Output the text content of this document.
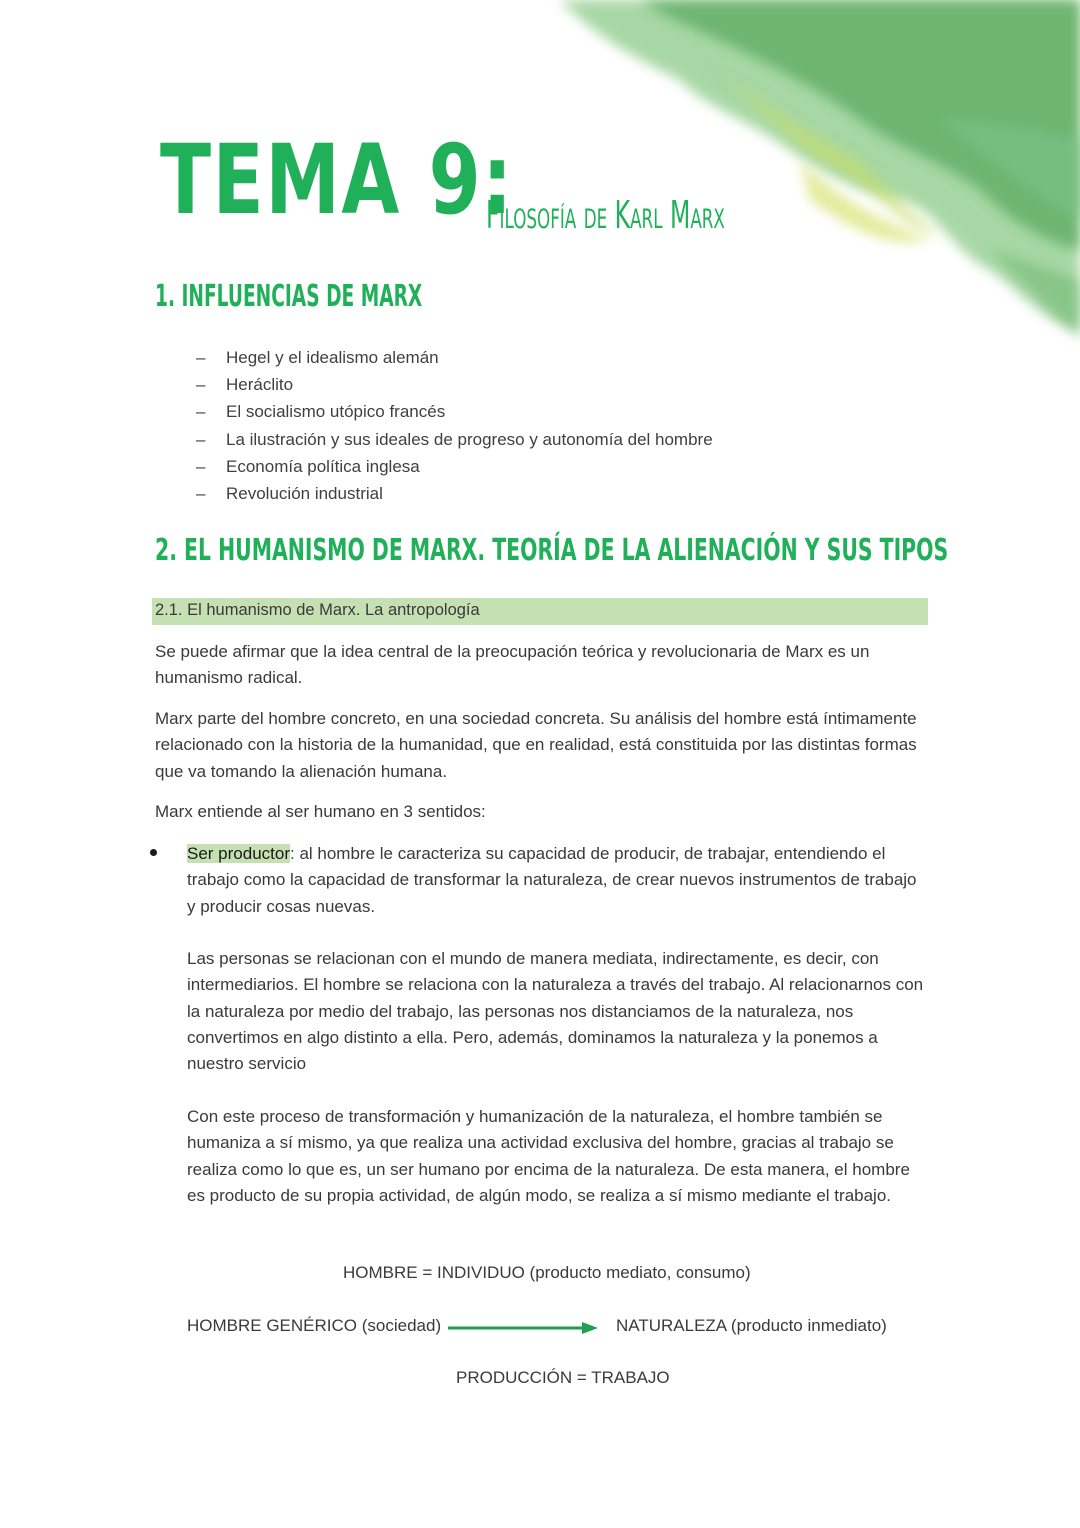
TEMA 9:
Filosofía de Karl Marx
1. INFLUENCIAS DE MARX
– Hegel y el idealismo alemán
– Heráclito
– El socialismo utópico francés
– La ilustración y sus ideales de progreso y autonomía del hombre
– Economía política inglesa
– Revolución industrial
2. EL HUMANISMO DE MARX. TEORÍA DE LA ALIENACIÓN Y SUS TIPOS
2.1. El humanismo de Marx. La antropología

Se puede afirmar que la idea central de la preocupación teórica y revolucionaria de Marx es un humanismo radical.

Marx parte del hombre concreto, en una sociedad concreta. Su análisis del hombre está íntimamente relacionado con la historia de la humanidad, que en realidad, está constituida por las distintas formas que va tomando la alienación humana.

Marx entiende al ser humano en 3 sentidos:

Ser productor: al hombre le caracteriza su capacidad de producir, de trabajar, entendiendo el trabajo como la capacidad de transformar la naturaleza, de crear nuevos instrumentos de trabajo y producir cosas nuevas.

Las personas se relacionan con el mundo de manera mediata, indirectamente, es decir, con intermediarios. El hombre se relaciona con la naturaleza a través del trabajo. Al relacionarnos con la naturaleza por medio del trabajo, las personas nos distanciamos de la naturaleza, nos convertimos en algo distinto a ella. Pero, además, dominamos la naturaleza y la ponemos a nuestro servicio

Con este proceso de transformación y humanización de la naturaleza, el hombre también se humaniza a sí mismo, ya que realiza una actividad exclusiva del hombre, gracias al trabajo se realiza como lo que es, un ser humano por encima de la naturaleza. De esta manera, el hombre es producto de su propia actividad, de algún modo, se realiza a sí mismo mediante el trabajo.

HOMBRE = INDIVIDUO (producto mediato, consumo)
HOMBRE GENÉRICO (sociedad)	NATURALEZA (producto inmediato)
PRODUCCIÓN = TRABAJO
